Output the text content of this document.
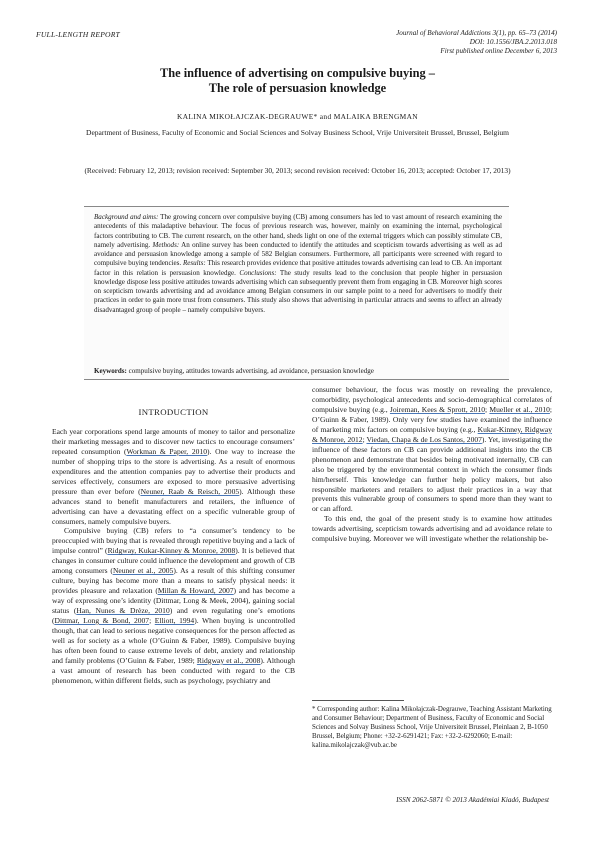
FULL-LENGTH REPORT	Journal of Behavioral Addictions 3(1), pp. 65–73 (2014)
DOI: 10.1556/JBA.2.2013.018
First published online December 6, 2013
The influence of advertising on compulsive buying –
The role of persuasion knowledge
KALINA MIKOŁAJCZAK-DEGRAUWE* and MALAIKA BRENGMAN
Department of Business, Faculty of Economic and Social Sciences and Solvay Business School, Vrije Universiteit Brussel, Brussel, Belgium
(Received: February 12, 2013; revision received: September 30, 2013; second revision received: October 16, 2013; accepted: October 17, 2013)
Background and aims: The growing concern over compulsive buying (CB) among consumers has led to vast amount of research examining the antecedents of this maladaptive behaviour. The focus of previous research was, however, mainly on examining the internal, psychological factors contributing to CB. The current research, on the other hand, sheds light on one of the external triggers which can possibly stimulate CB, namely advertising. Methods: An online survey has been conducted to identify the attitudes and scepticism towards advertising as well as ad avoidance and persuasion knowledge among a sample of 582 Belgian consumers. Furthermore, all participants were screened with regard to compulsive buying tendencies. Results: This research provides evidence that positive attitudes towards advertising can lead to CB. An important factor in this relation is persuasion knowledge. Conclusions: The study results lead to the conclusion that people higher in persuasion knowledge dispose less positive attitudes towards advertising which can subsequently prevent them from engaging in CB. Moreover high scores on scepticism towards advertising and ad avoidance among Belgian consumers in our sample point to a need for advertisers to modify their practices in order to gain more trust from consumers. This study also shows that advertising in particular attracts and seems to affect an already disadvantaged group of people – namely compulsive buyers.
Keywords: compulsive buying, attitudes towards advertising, ad avoidance, persuasion knowledge
INTRODUCTION

Each year corporations spend large amounts of money to tailor and personalize their marketing messages and to discover new tactics to encourage consumers’ repeated consumption (Workman & Paper, 2010). One way to increase the number of shopping trips to the store is advertising. As a result of enormous expenditures and the attention companies pay to advertise their products and services effectively, consumers are exposed to more persuasive advertising pressure than ever before (Neuner, Raab & Reisch, 2005). Although these advances stand to benefit manufacturers and retailers, the influence of advertising can have a devastating effect on a specific vulnerable group of consumers, namely compulsive buyers.

Compulsive buying (CB) refers to “a consumer’s tendency to be preoccupied with buying that is revealed through repetitive buying and a lack of impulse control” (Ridgway, Kukar-Kinney & Monroe, 2008). It is believed that changes in consumer culture could influence the development and growth of CB among consumers (Neuner et al., 2005). As a result of this shifting consumer culture, buying has become more than a means to satisfy physical needs: it provides pleasure and relaxation (Millan & Howard, 2007) and has become a way of expressing one’s identity (Dittmar, Long & Meek, 2004), gaining social status (Han, Nunes & Drèze, 2010) and even regulating one’s emotions (Dittmar, Long & Bond, 2007; Elliott, 1994). When buying is uncontrolled though, that can lead to serious negative consequences for the person affected as well as for society as a whole (O’Guinn & Faber, 1989). Compulsive buying has often been found to cause extreme levels of debt, anxiety and relationship and family problems (O’Guinn & Faber, 1989; Ridgway et al., 2008). Although a vast amount of research has been conducted with regard to the CB phenomenon, within different fields, such as psychology, psychiatry and

consumer behaviour, the focus was mostly on revealing the prevalence, comorbidity, psychological antecedents and socio-demographical correlates of compulsive buying (e.g., Joireman, Kees & Sprott, 2010; Mueller et al., 2010; O’Guinn & Faber, 1989). Only very few studies have examined the influence of marketing mix factors on compulsive buying (e.g., Kukar-Kinney, Ridgway & Monroe, 2012; Viedan, Chapa & de Los Santos, 2007). Yet, investigating the influence of these factors on CB can provide additional insights into the CB phenomenon and demonstrate that besides being motivated internally, CB can also be triggered by the environmental context in which the consumer finds him/herself. This knowledge can further help policy makers, but also responsible marketers and retailers to adjust their practices in a way that prevents this vulnerable group of consumers to spend more than they want to or can afford.

To this end, the goal of the present study is to examine how attitudes towards advertising, scepticism towards advertising and ad avoidance relate to compulsive buying. Moreover we will investigate whether the relationship be-

* Corresponding author: Kalina Mikołajczak-Degrauwe, Teaching Assistant Marketing and Consumer Behaviour; Department of Business, Faculty of Economic and Social Sciences and Solvay Business School, Vrije Universiteit Brussel, Pleinlaan 2, B-1050 Brussel, Belgium; Phone: +32-2-6291421; Fax: +32-2-6292060; E-mail: kalina.mikolajczak@vub.ac.be
ISSN 2062-5871 © 2013 Akadémiai Kiadó, Budapest
